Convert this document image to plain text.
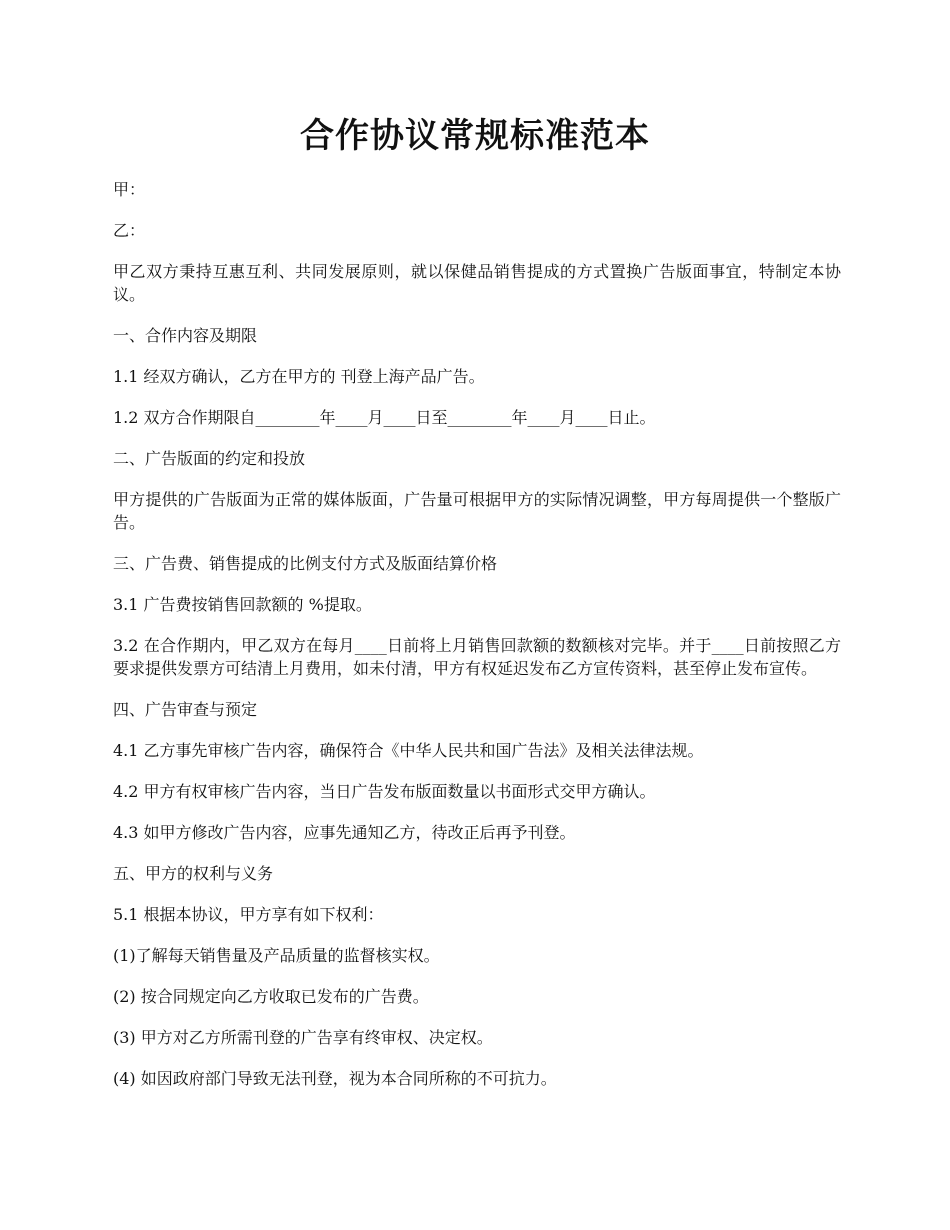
合作协议常规标准范本

甲：

乙：

甲乙双方秉持互惠互利、共同发展原则，就以保健品销售提成的方式置换广告版面事宜，特制定本协议。

一、合作内容及期限

1.1 经双方确认，乙方在甲方的 刊登上海产品广告。

1.2 双方合作期限自________年____月____日至________年____月____日止。

二、广告版面的约定和投放

甲方提供的广告版面为正常的媒体版面，广告量可根据甲方的实际情况调整，甲方每周提供一个整版广告。

三、广告费、销售提成的比例支付方式及版面结算价格

3.1 广告费按销售回款额的 %提取。

3.2 在合作期内，甲乙双方在每月____日前将上月销售回款额的数额核对完毕。并于____日前按照乙方要求提供发票方可结清上月费用，如未付清，甲方有权延迟发布乙方宣传资料，甚至停止发布宣传。

四、广告审查与预定

4.1 乙方事先审核广告内容，确保符合《中华人民共和国广告法》及相关法律法规。

4.2 甲方有权审核广告内容，当日广告发布版面数量以书面形式交甲方确认。

4.3 如甲方修改广告内容，应事先通知乙方，待改正后再予刊登。

五、甲方的权利与义务

5.1 根据本协议，甲方享有如下权利：

(1)了解每天销售量及产品质量的监督核实权。

(2) 按合同规定向乙方收取已发布的广告费。

(3) 甲方对乙方所需刊登的广告享有终审权、决定权。

(4) 如因政府部门导致无法刊登，视为本合同所称的不可抗力。
